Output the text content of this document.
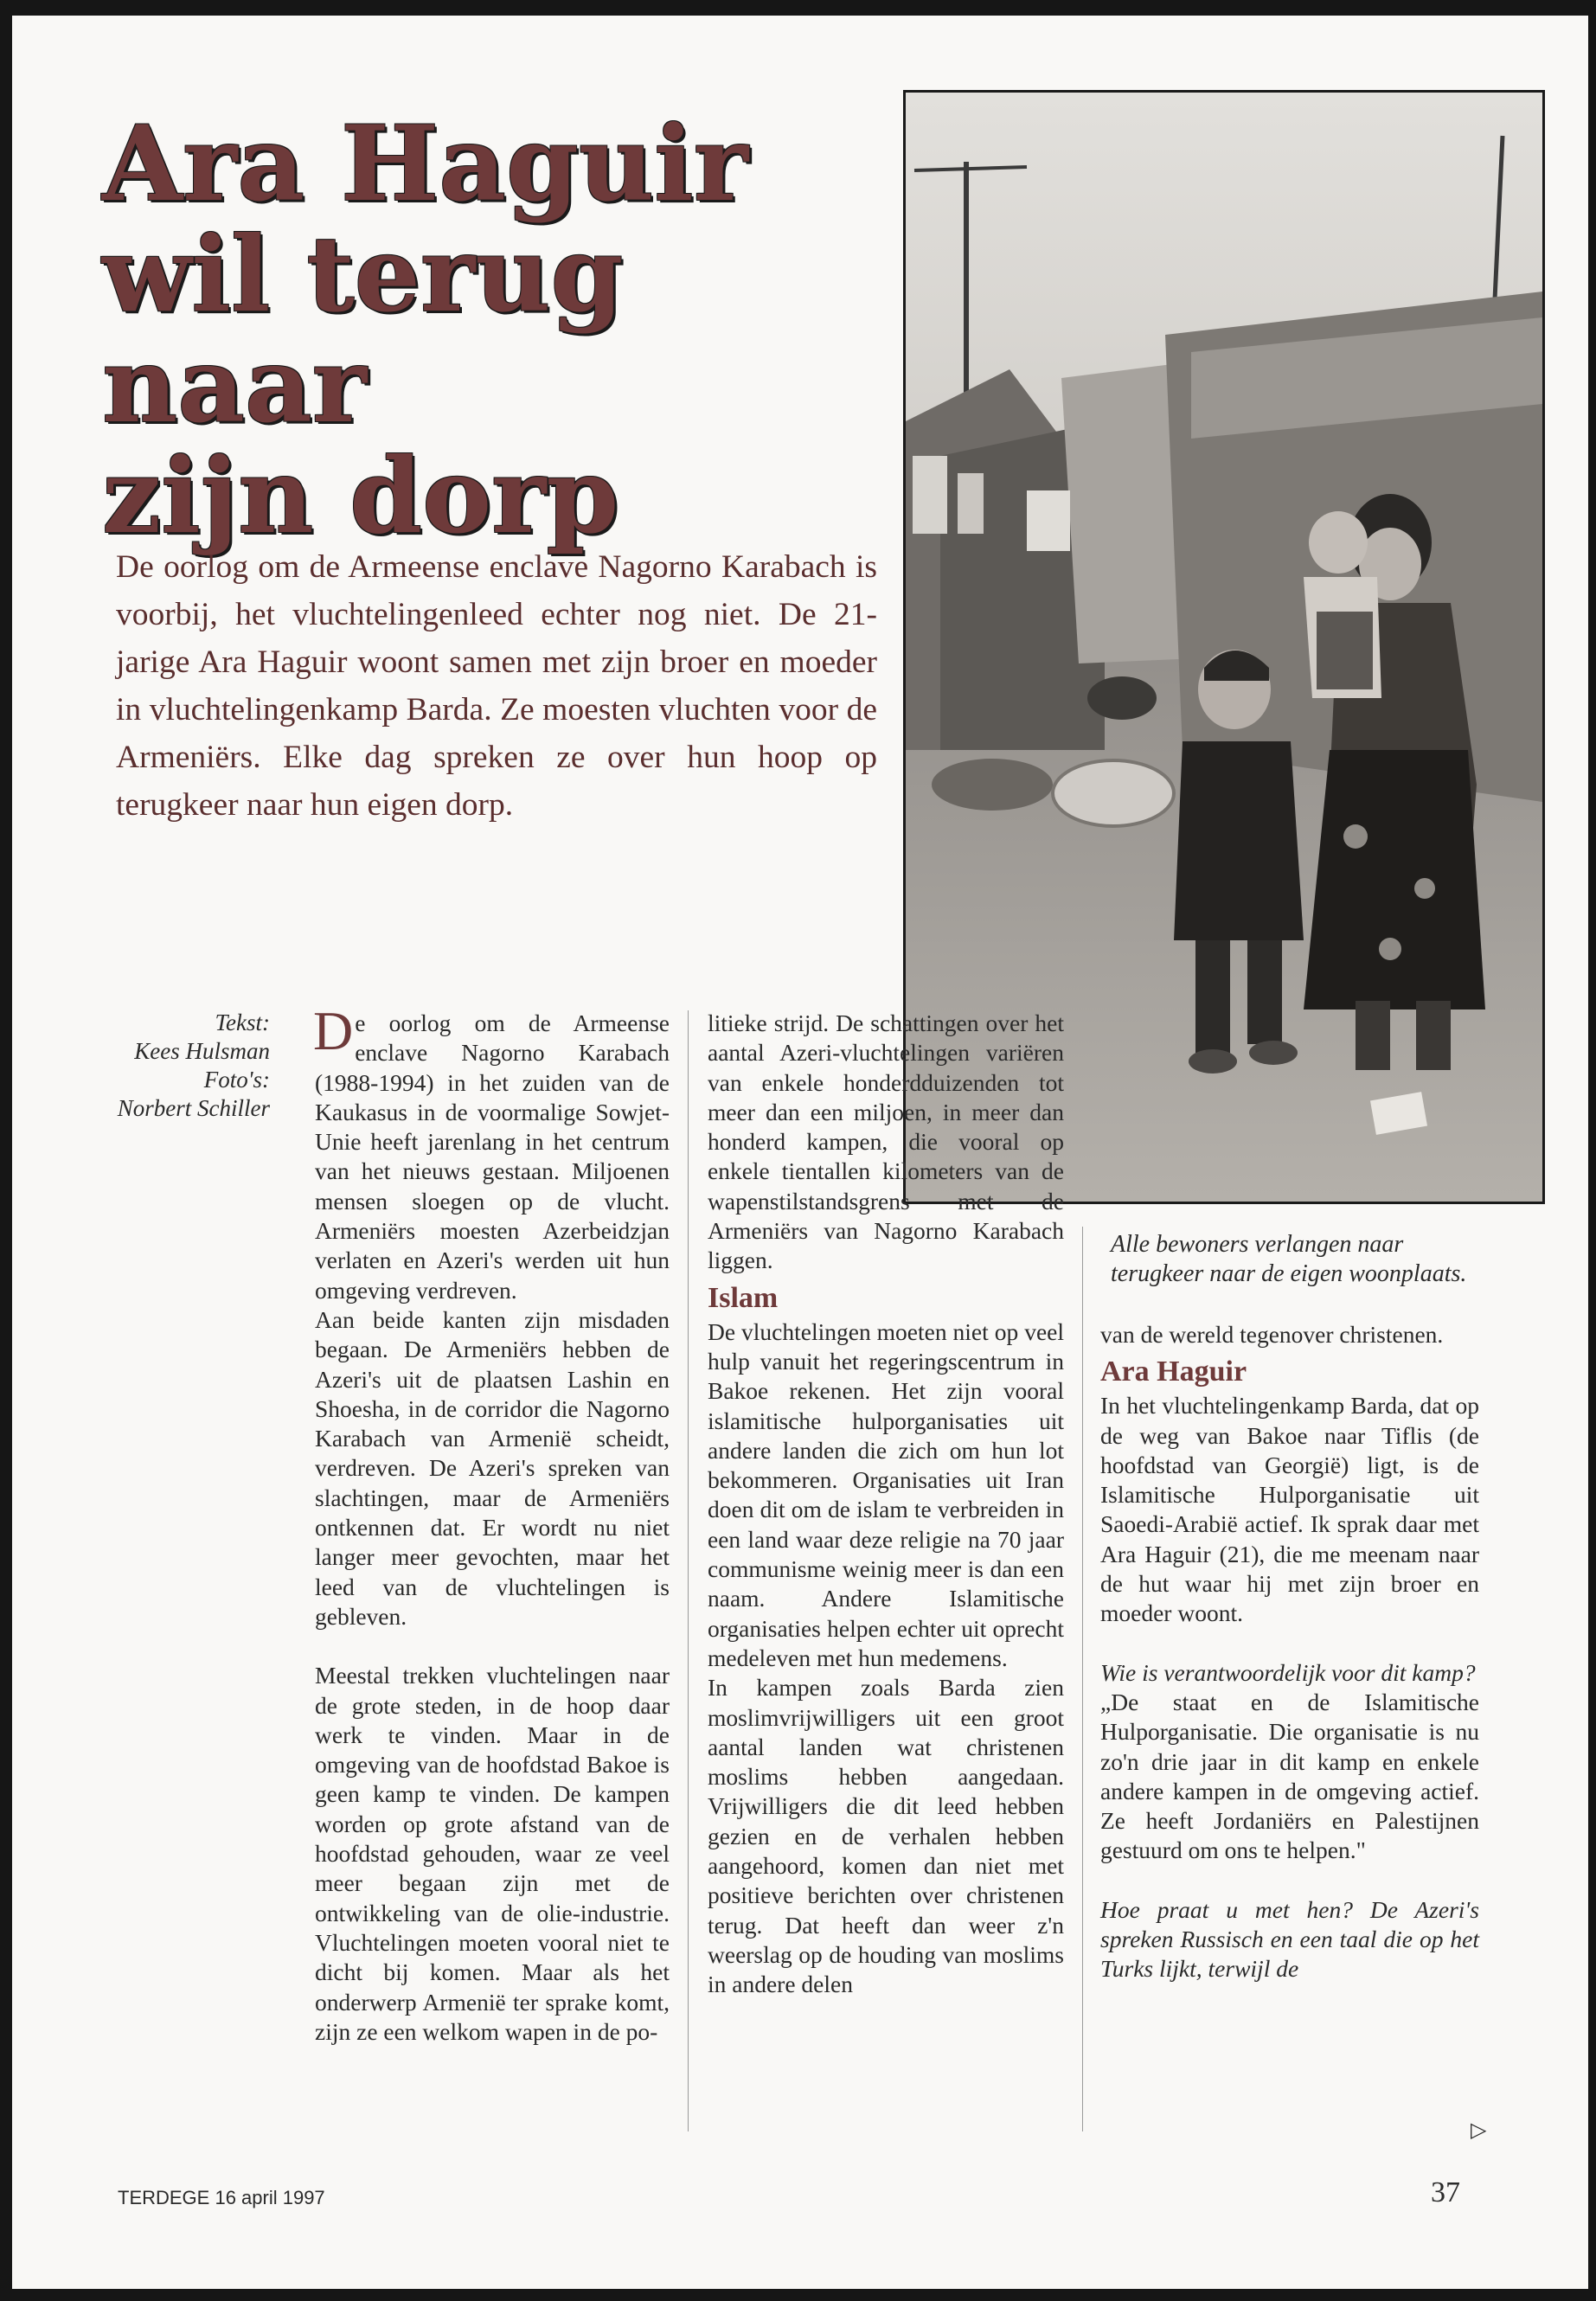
Ara Haguir
wil terug naar
zijn dorp

De oorlog om de Armeense enclave Nagorno Karabach is voorbij, het vluchtelingenleed echter nog niet. De 21-jarige Ara Haguir woont samen met zijn broer en moeder in vluchtelingenkamp Barda. Ze moesten vluchten voor de Armeniërs. Elke dag spreken ze over hun hoop op terugkeer naar hun eigen dorp.

Tekst:
Kees Hulsman
Foto's:
Norbert Schiller

De oorlog om de Armeense enclave Nagorno Karabach (1988-1994) in het zuiden van de Kaukasus in de voormalige Sowjet-Unie heeft jarenlang in het centrum van het nieuws gestaan. Miljoenen mensen sloegen op de vlucht. Armeniërs moesten Azerbeidzjan verlaten en Azeri's werden uit hun omgeving verdreven.

Aan beide kanten zijn misdaden begaan. De Armeniërs hebben de Azeri's uit de plaatsen Lashin en Shoesha, in de corridor die Nagorno Karabach van Armenië scheidt, verdreven. De Azeri's spreken van slachtingen, maar de Armeniërs ontkennen dat. Er wordt nu niet langer meer gevochten, maar het leed van de vluchtelingen is gebleven.

Meestal trekken vluchtelingen naar de grote steden, in de hoop daar werk te vinden. Maar in de omgeving van de hoofdstad Bakoe is geen kamp te vinden. De kampen worden op grote afstand van de hoofdstad gehouden, waar ze veel meer begaan zijn met de ontwikkeling van de olie-industrie. Vluchtelingen moeten vooral niet te dicht bij komen. Maar als het onderwerp Armenië ter sprake komt, zijn ze een welkom wapen in de po-

litieke strijd. De schattingen over het aantal Azeri-vluchtelingen variëren van enkele honderdduizenden tot meer dan een miljoen, in meer dan honderd kampen, die vooral op enkele tientallen kilometers van de wapenstilstandsgrens met de Armeniërs van Nagorno Karabach liggen.

Islam

De vluchtelingen moeten niet op veel hulp vanuit het regeringscentrum in Bakoe rekenen. Het zijn vooral islamitische hulporganisaties uit andere landen die zich om hun lot bekommeren. Organisaties uit Iran doen dit om de islam te verbreiden in een land waar deze religie na 70 jaar communisme weinig meer is dan een naam. Andere Islamitische organisaties helpen echter uit oprecht medeleven met hun medemens.

In kampen zoals Barda zien moslimvrijwilligers uit een groot aantal landen wat christenen moslims hebben aangedaan. Vrijwilligers die dit leed hebben gezien en de verhalen hebben aangehoord, komen dan niet met positieve berichten over christenen terug. Dat heeft dan weer z'n weerslag op de houding van moslims in andere delen

Alle bewoners verlangen naar terugkeer naar de eigen woonplaats.

van de wereld tegenover christenen.

Ara Haguir

In het vluchtelingenkamp Barda, dat op de weg van Bakoe naar Tiflis (de hoofdstad van Georgië) ligt, is de Islamitische Hulporganisatie uit Saoedi-Arabië actief. Ik sprak daar met Ara Haguir (21), die me meenam naar de hut waar hij met zijn broer en moeder woont.

Wie is verantwoordelijk voor dit kamp?

„De staat en de Islamitische Hulporganisatie. Die organisatie is nu zo'n drie jaar in dit kamp en enkele andere kampen in de omgeving actief. Ze heeft Jordaniërs en Palestijnen gestuurd om ons te helpen."

Hoe praat u met hen? De Azeri's spreken Russisch en een taal die op het Turks lijkt, terwijl de

▷
TERDEGE 16 april 1997	37
